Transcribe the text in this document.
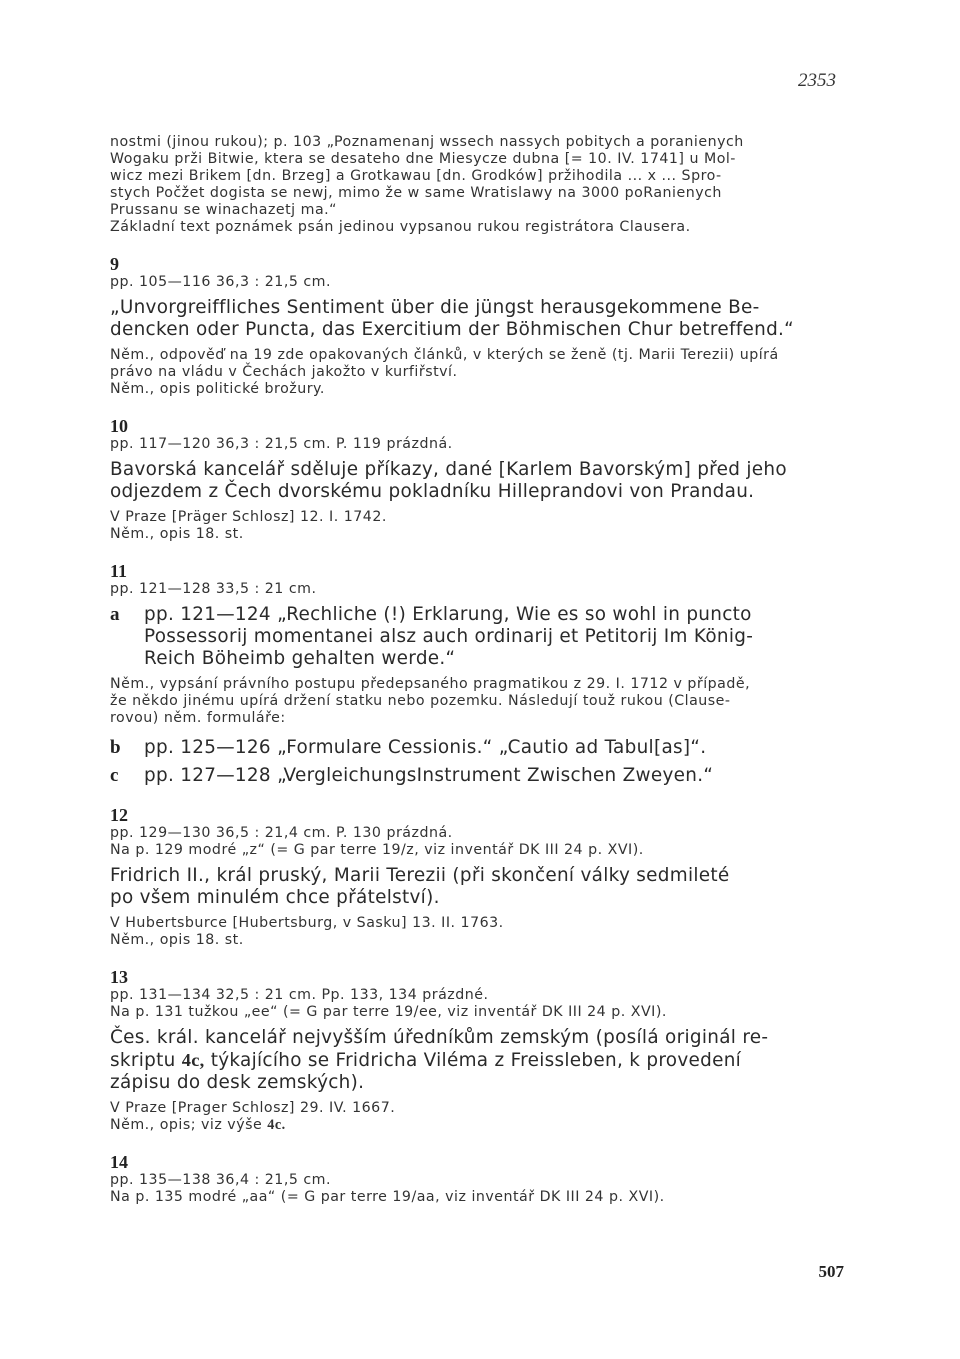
2353

nostmi (jinou rukou); p. 103 „Poznamenanj wssech nassych pobitych a poranienych

Wogaku prži Bitwie, ktera se desateho dne Miesycze dubna [= 10. IV. 1741] u Mol-

wicz mezi Brikem [dn. Brzeg] a Grotkawau [dn. Grodków] pržihodila ... x ... Spro-

stych Počžet dogista se newj, mimo že w same Wratislawy na 3000 poRanienych

Prussanu se winachazetj ma.“

Základní text poznámek psán jedinou vypsanou rukou registrátora Clausera.

9

pp. 105—116 36,3 : 21,5 cm.

„Unvorgreiffliches Sentiment über die jüngst herausgekommene Be-

dencken oder Puncta, das Exercitium der Böhmischen Chur betreffend.“

Něm., odpověď na 19 zde opakovaných článků, v kterých se ženě (tj. Marii Terezii) upírá

právo na vládu v Čechách jakožto v kurfiřství.

Něm., opis politické brožury.

10

pp. 117—120 36,3 : 21,5 cm. P. 119 prázdná.

Bavorská kancelář sděluje příkazy, dané [Karlem Bavorským] před jeho

odjezdem z Čech dvorskému pokladníku Hilleprandovi von Prandau.

V Praze [Präger Schlosz] 12. I. 1742.

Něm., opis 18. st.

11

pp. 121—128 33,5 : 21 cm.

a	pp. 121—124 „Rechliche (!) Erklarung, Wie es so wohl in puncto

Possessorij momentanei alsz auch ordinarij et Petitorij Im König-

Reich Böheimb gehalten werde.“

Něm., vypsání právního postupu předepsaného pragmatikou z 29. I. 1712 v případě,

že někdo jinému upírá držení statku nebo pozemku. Následují touž rukou (Clause-

rovou) něm. formuláře:

b	pp. 125—126 „Formulare Cessionis.“ „Cautio ad Tabul[as]“.

c	pp. 127—128 „VergleichungsInstrument Zwischen Zweyen.“

12

pp. 129—130 36,5 : 21,4 cm. P. 130 prázdná.

Na p. 129 modré „z“ (= G par terre 19/z, viz inventář DK III 24 p. XVI).

Fridrich II., král pruský, Marii Terezii (při skončení války sedmileté

po všem minulém chce přátelství).

V Hubertsburce [Hubertsburg, v Sasku] 13. II. 1763.

Něm., opis 18. st.

13

pp. 131—134 32,5 : 21 cm. Pp. 133, 134 prázdné.

Na p. 131 tužkou „ee“ (= G par terre 19/ee, viz inventář DK III 24 p. XVI).

Čes. král. kancelář nejvyšším úředníkům zemským (posílá originál re-

skriptu 4c, týkajícího se Fridricha Viléma z Freissleben, k provedení

zápisu do desk zemských).

V Praze [Prager Schlosz] 29. IV. 1667.

Něm., opis; viz výše 4c.

14

pp. 135—138 36,4 : 21,5 cm.

Na p. 135 modré „aa“ (= G par terre 19/aa, viz inventář DK III 24 p. XVI).

507
